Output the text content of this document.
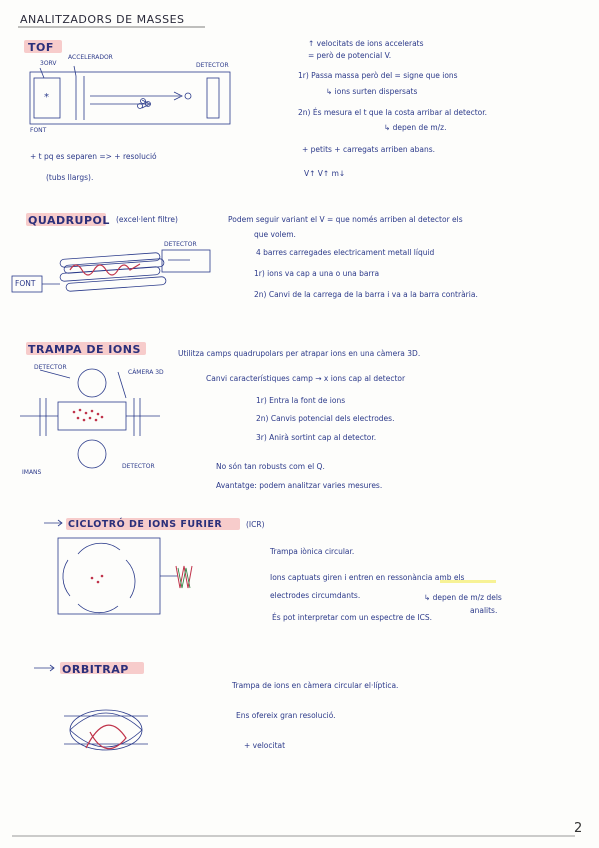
*
ANALITZADORS DE MASSES
TOF
3ORV
ACCELERADOR
DETECTOR
FONT
+ t pq es separen => + resolució
(tubs llargs).
↑ velocitats de ions accelerats
= però de potencial V.
1r) Passa massa però del = signe que ions
↳ ions surten dispersats
2n) És mesura el t que la costa arribar al detector.
↳ depen de m/z.
+ petits + carregats arriben abans.
V↑ V↑ m↓
QUADRUPOL (excel·lent filtre)	Podem seguir variant el V = que només arriben al detector els
que volem.
4 barres carregades electricament metall líquid
1r) ions va cap a una o una barra
2n) Canvi de la carrega de la barra i va a la barra contrària.
DETECTOR
FONT
TRAMPA DE IONS
DETECTOR
CÀMERA 3D
IMANS
DETECTOR
Utilitza camps quadrupolars per atrapar ions en una càmera 3D.
Canvi característiques camp → x ions cap al detector
1r) Entra la font de ions
2n) Canvis potencial dels electrodes.
3r) Anirà sortint cap al detector.
No són tan robusts com el Q.
Avantatge: podem analitzar varies mesures.
CICLOTRÓ DE IONS FURIER	(ICR)
Trampa iònica circular.
Ions captuats giren i entren en ressonància amb els
electrodes circumdants.	↳ depen de m/z dels
analits.
És pot interpretar com un espectre de ICS.
ORBITRAP
Trampa de ions en càmera circular el·líptica.
Ens ofereix gran resolució.
+ velocitat
2
